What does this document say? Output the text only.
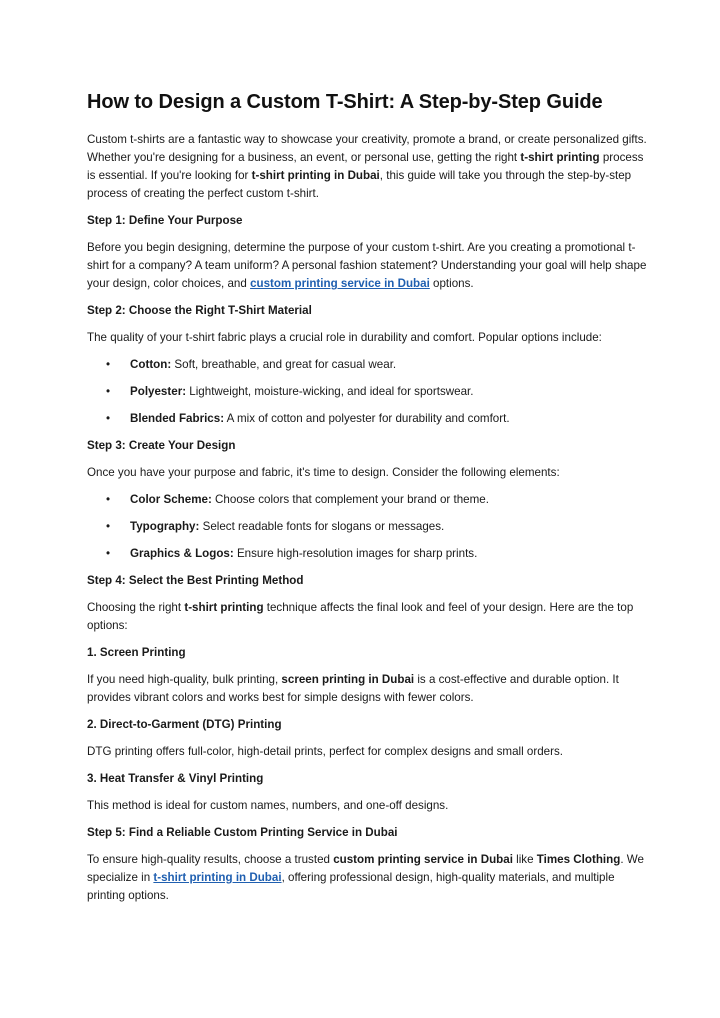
How to Design a Custom T-Shirt: A Step-by-Step Guide

Custom t-shirts are a fantastic way to showcase your creativity, promote a brand, or create personalized gifts. Whether you're designing for a business, an event, or personal use, getting the right t-shirt printing process is essential. If you're looking for t-shirt printing in Dubai, this guide will take you through the step-by-step process of creating the perfect custom t-shirt.

Step 1: Define Your Purpose

Before you begin designing, determine the purpose of your custom t-shirt. Are you creating a promotional t-shirt for a company? A team uniform? A personal fashion statement? Understanding your goal will help shape your design, color choices, and custom printing service in Dubai options.

Step 2: Choose the Right T-Shirt Material

The quality of your t-shirt fabric plays a crucial role in durability and comfort. Popular options include:

• Cotton: Soft, breathable, and great for casual wear.
• Polyester: Lightweight, moisture-wicking, and ideal for sportswear.
• Blended Fabrics: A mix of cotton and polyester for durability and comfort.

Step 3: Create Your Design

Once you have your purpose and fabric, it's time to design. Consider the following elements:

• Color Scheme: Choose colors that complement your brand or theme.
• Typography: Select readable fonts for slogans or messages.
• Graphics & Logos: Ensure high-resolution images for sharp prints.

Step 4: Select the Best Printing Method

Choosing the right t-shirt printing technique affects the final look and feel of your design. Here are the top options:

1. Screen Printing

If you need high-quality, bulk printing, screen printing in Dubai is a cost-effective and durable option. It provides vibrant colors and works best for simple designs with fewer colors.

2. Direct-to-Garment (DTG) Printing

DTG printing offers full-color, high-detail prints, perfect for complex designs and small orders.

3. Heat Transfer & Vinyl Printing

This method is ideal for custom names, numbers, and one-off designs.

Step 5: Find a Reliable Custom Printing Service in Dubai

To ensure high-quality results, choose a trusted custom printing service in Dubai like Times Clothing. We specialize in t-shirt printing in Dubai, offering professional design, high-quality materials, and multiple printing options.
